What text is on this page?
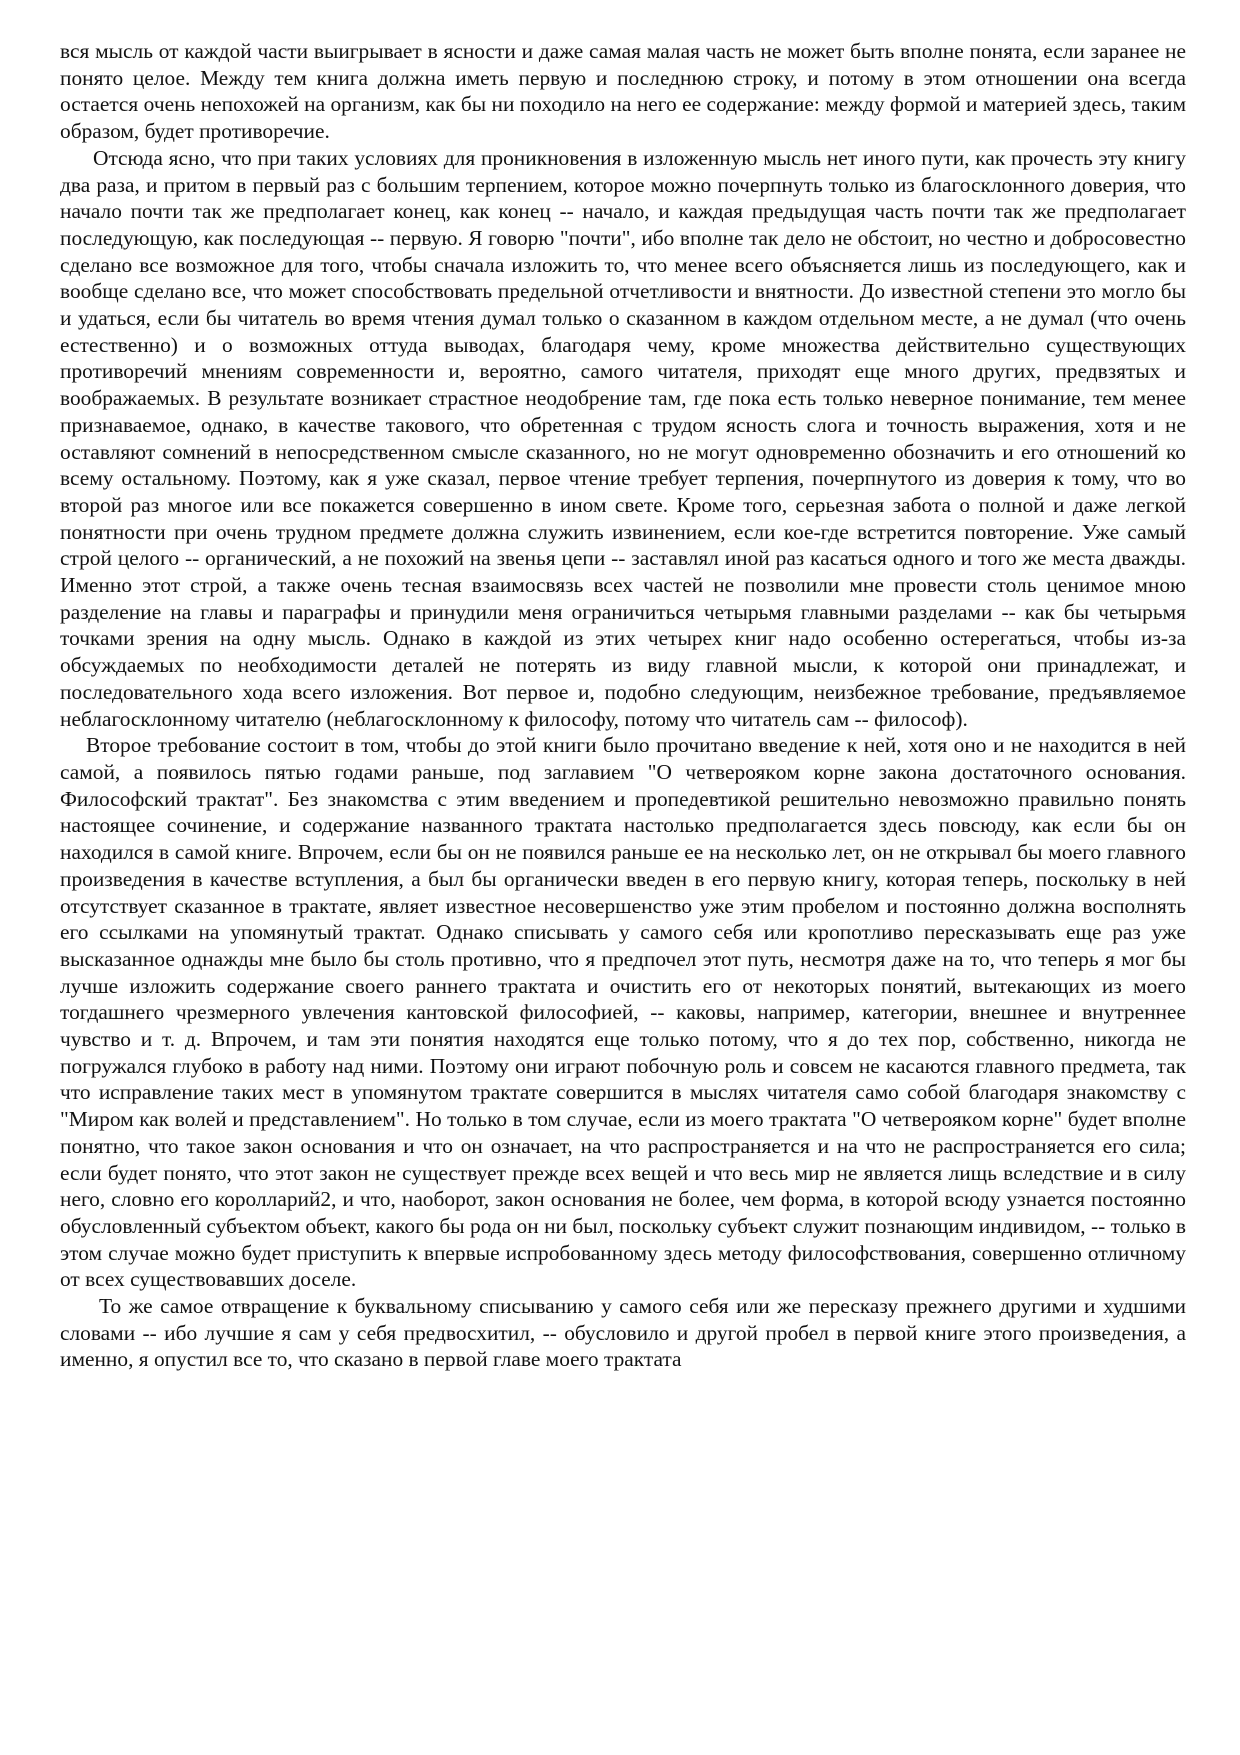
вся мысль от каждой части выигрывает в ясности и даже самая малая часть не может быть вполне понята, если заранее не понято целое. Между тем книга должна иметь первую и последнюю строку, и потому в этом отношении она всегда остается очень непохожей на организм, как бы ни походило на него ее содержание: между формой и материей здесь, таким образом, будет противоречие.

Отсюда ясно, что при таких условиях для проникновения в изложенную мысль нет иного пути, как прочесть эту книгу два раза, и притом в первый раз с большим терпением, которое можно почерпнуть только из благосклонного доверия, что начало почти так же предполагает конец, как конец -- начало, и каждая предыдущая часть почти так же предполагает последующую, как последующая -- первую. Я говорю "почти", ибо вполне так дело не обстоит, но честно и добросовестно сделано все возможное для того, чтобы сначала изложить то, что менее всего объясняется лишь из последующего, как и вообще сделано все, что может способствовать предельной отчетливости и внятности. До известной степени это могло бы и удаться, если бы читатель во время чтения думал только о сказанном в каждом отдельном месте, а не думал (что очень естественно) и о возможных оттуда выводах, благодаря чему, кроме множества действительно существующих противоречий мнениям современности и, вероятно, самого читателя, приходят еще много других, предвзятых и воображаемых. В результате возникает страстное неодобрение там, где пока есть только неверное понимание, тем менее признаваемое, однако, в качестве такового, что обретенная с трудом ясность слога и точность выражения, хотя и не оставляют сомнений в непосредственном смысле сказанного, но не могут одновременно обозначить и его отношений ко всему остальному. Поэтому, как я уже сказал, первое чтение требует терпения, почерпнутого из доверия к тому, что во второй раз многое или все покажется совершенно в ином свете. Кроме того, серьезная забота о полной и даже легкой понятности при очень трудном предмете должна служить извинением, если кое-где встретится повторение. Уже самый строй целого -- органический, а не похожий на звенья цепи -- заставлял иной раз касаться одного и того же места дважды. Именно этот строй, а также очень тесная взаимосвязь всех частей не позволили мне провести столь ценимое мною разделение на главы и параграфы и принудили меня ограничиться четырьмя главными разделами -- как бы четырьмя точками зрения на одну мысль. Однако в каждой из этих четырех книг надо особенно остерегаться, чтобы из-за обсуждаемых по необходимости деталей не потерять из виду главной мысли, к которой они принадлежат, и последовательного хода всего изложения. Вот первое и, подобно следующим, неизбежное требование, предъявляемое неблагосклонному читателю (неблагосклонному к философу, потому что читатель сам -- философ).

Второе требование состоит в том, чтобы до этой книги было прочитано введение к ней, хотя оно и не находится в ней самой, а появилось пятью годами раньше, под заглавием "О четвероякoм корне закона достаточного основания. Философский трактат". Без знакомства с этим введением и пропедевтикой решительно невозможно правильно понять настоящее сочинение, и содержание названного трактата настолько предполагается здесь повсюду, как если бы он находился в самой книге. Впрочем, если бы он не появился раньше ее на несколько лет, он не открывал бы моего главного произведения в качестве вступления, а был бы органически введен в его первую книгу, которая теперь, поскольку в ней отсутствует сказанное в трактате, являет известное несовершенство уже этим пробелом и постоянно должна восполнять его ссылками на упомянутый трактат. Однако списывать у самого себя или кропотливо пересказывать еще раз уже высказанное однажды мне было бы столь противно, что я предпочел этот путь, несмотря даже на то, что теперь я мог бы лучше изложить содержание своего раннего трактата и очистить его от некоторых понятий, вытекающих из моего тогдашнего чрезмерного увлечения кантовской философией, -- каковы, например, категории, внешнее и внутреннее чувство и т. д. Впрочем, и там эти понятия находятся еще только потому, что я до тех пор, собственно, никогда не погружался глубоко в работу над ними. Поэтому они играют побочную роль и совсем не касаются главного предмета, так что исправление таких мест в упомянутом трактате совершится в мыслях читателя само собой благодаря знакомству с "Миром как волей и представлением". Но только в том случае, если из моего трактата "О четвероякoм корне" будет вполне понятно, что такое закон основания и что он означает, на что распространяется и на что не распространяется его сила; если будет понято, что этот закон не существует прежде всех вещей и что весь мир не является лищь вследствие и в силу него, словно его королларий2, и что, наоборот, закон основания не более, чем форма, в которой всюду узнается постоянно обусловленный субъектом объект, какого бы рода он ни был, поскольку субъект служит познающим индивидом, -- только в этом случае можно будет приступить к впервые испробованному здесь методу философствования, совершенно отличному от всех существовавших доселе.

То же самое отвращение к буквальному списыванию у самого себя или же пересказу прежнего другими и худшими словами -- ибо лучшие я сам у себя предвосхитил, -- обусловило и другой пробел в первой книге этого произведения, а именно, я опустил все то, что сказано в первой главе моего трактата
